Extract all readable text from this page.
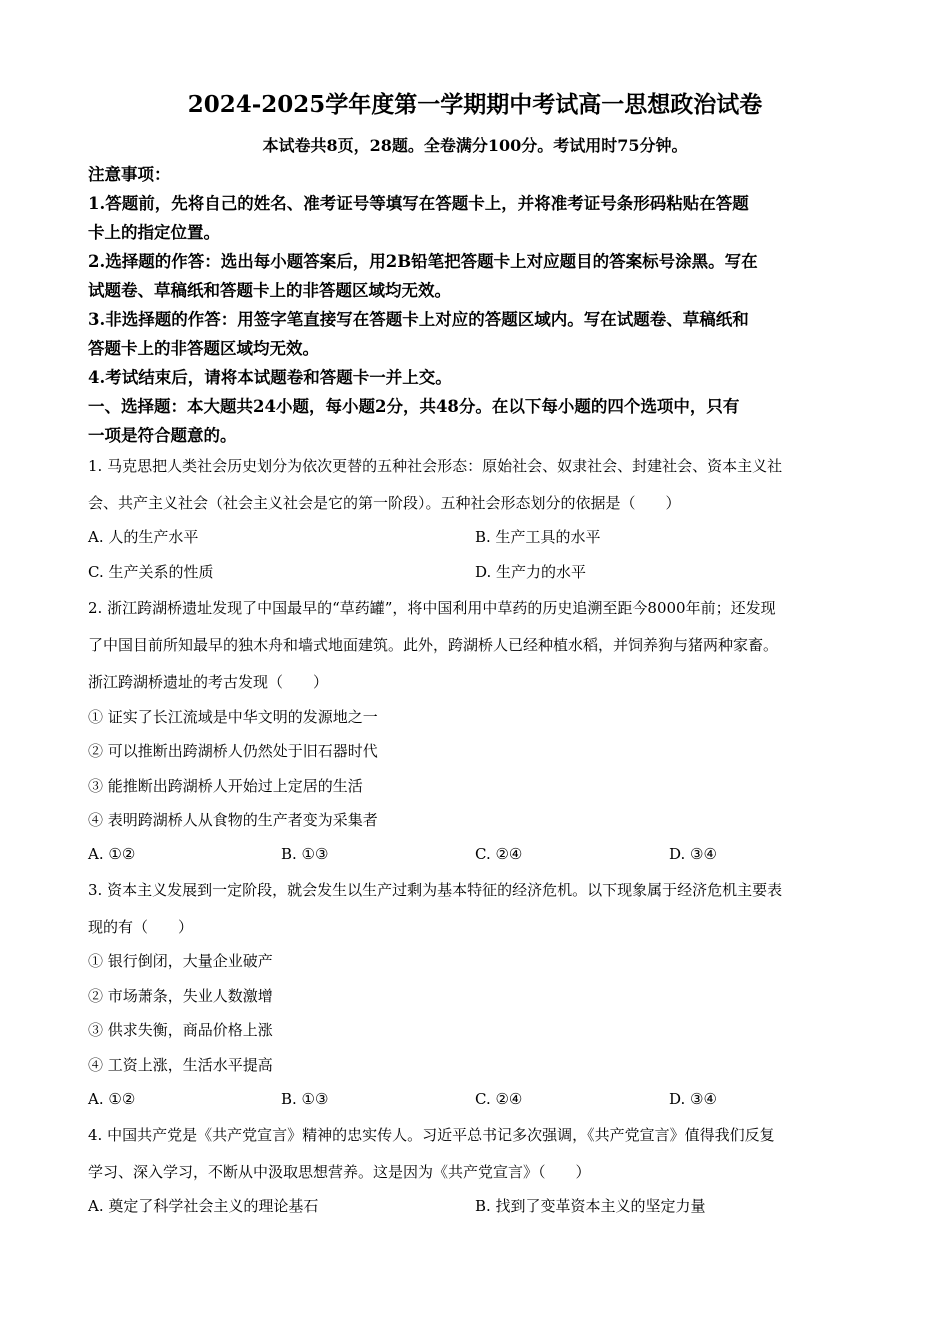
2024-2025学年度第一学期期中考试高一思想政治试卷
本试卷共8页，28题。全卷满分100分。考试用时75分钟。
注意事项：
1.答题前，先将自己的姓名、准考证号等填写在答题卡上，并将准考证号条形码粘贴在答题
卡上的指定位置。
2.选择题的作答：选出每小题答案后，用2B铅笔把答题卡上对应题目的答案标号涂黑。写在
试题卷、草稿纸和答题卡上的非答题区域均无效。
3.非选择题的作答：用签字笔直接写在答题卡上对应的答题区域内。写在试题卷、草稿纸和
答题卡上的非答题区域均无效。
4.考试结束后，请将本试题卷和答题卡一并上交。
一、选择题：本大题共24小题，每小题2分，共48分。在以下每小题的四个选项中，只有
一项是符合题意的。
1. 马克思把人类社会历史划分为依次更替的五种社会形态：原始社会、奴隶社会、封建社会、资本主义社
会、共产主义社会（社会主义社会是它的第一阶段）。五种社会形态划分的依据是（　　）
A. 人的生产水平	B. 生产工具的水平
C. 生产关系的性质	D. 生产力的水平
2. 浙江跨湖桥遗址发现了中国最早的“草药罐”，将中国利用中草药的历史追溯至距今8000年前；还发现
了中国目前所知最早的独木舟和墙式地面建筑。此外，跨湖桥人已经种植水稻，并饲养狗与猪两种家畜。
浙江跨湖桥遗址的考古发现（　　）
① 证实了长江流域是中华文明的发源地之一
② 可以推断出跨湖桥人仍然处于旧石器时代
③ 能推断出跨湖桥人开始过上定居的生活
④ 表明跨湖桥人从食物的生产者变为采集者
A. ①②	B. ①③	C. ②④	D. ③④
3. 资本主义发展到一定阶段，就会发生以生产过剩为基本特征的经济危机。以下现象属于经济危机主要表
现的有（　　）
① 银行倒闭，大量企业破产
② 市场萧条，失业人数激增
③ 供求失衡，商品价格上涨
④ 工资上涨，生活水平提高
A. ①②	B. ①③	C. ②④	D. ③④
4. 中国共产党是《共产党宣言》精神的忠实传人。习近平总书记多次强调，《共产党宣言》值得我们反复
学习、深入学习，不断从中汲取思想营养。这是因为《共产党宣言》（　　）
A. 奠定了科学社会主义的理论基石	B. 找到了变革资本主义的坚定力量
